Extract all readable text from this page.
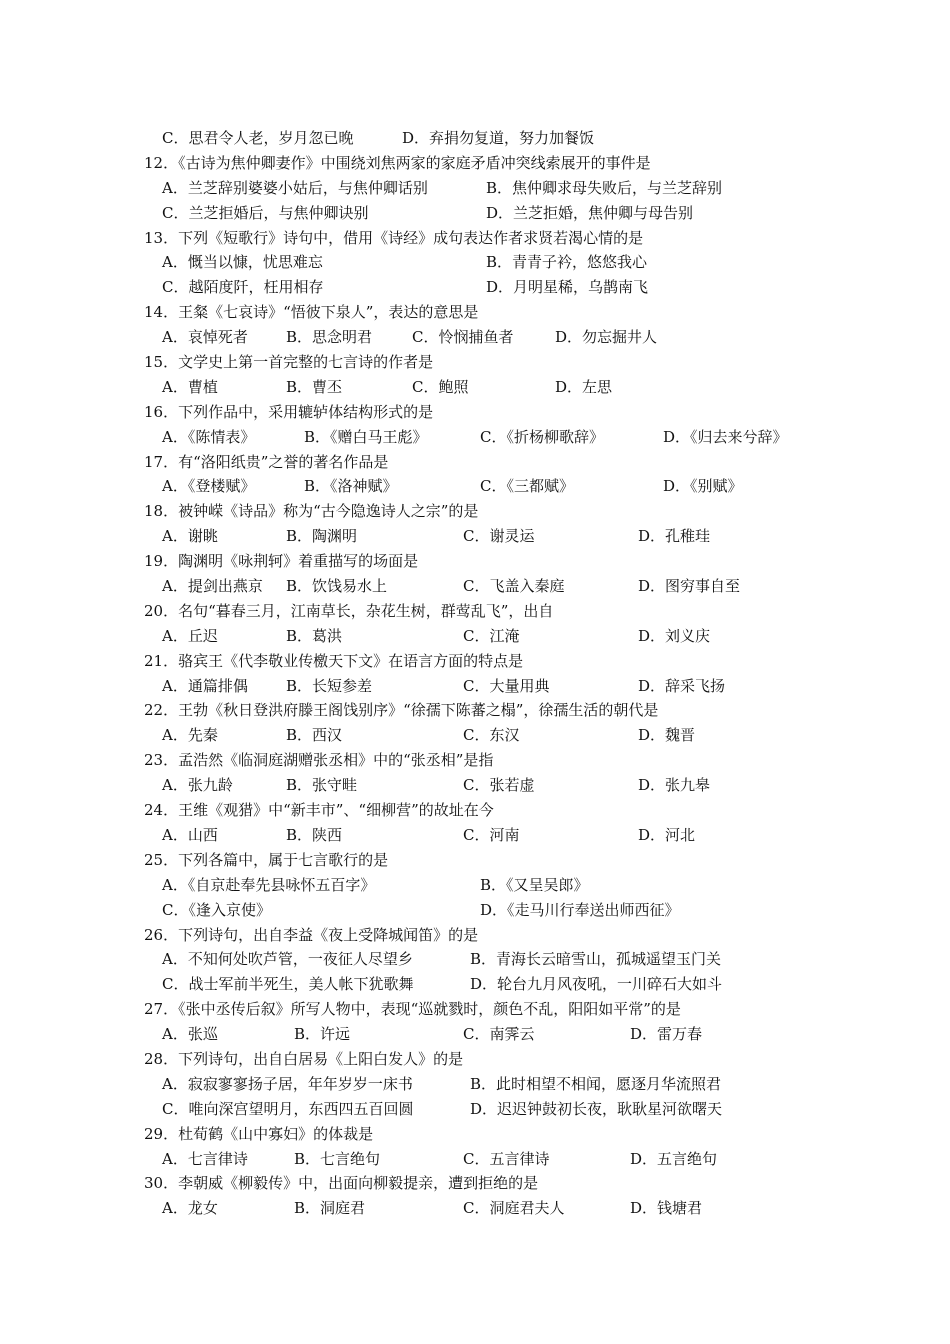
C．思君令人老，岁月忽已晚	D．弃捐勿复道，努力加餐饭
12．《古诗为焦仲卿妻作》中围绕刘焦两家的家庭矛盾冲突线索展开的事件是
A．兰芝辞别婆婆小姑后，与焦仲卿话别	B．焦仲卿求母失败后，与兰芝辞别
C．兰芝拒婚后，与焦仲卿诀别	D．兰芝拒婚，焦仲卿与母告别
13．下列《短歌行》诗句中，借用《诗经》成句表达作者求贤若渴心情的是
A．慨当以慷，忧思难忘	B．青青子衿，悠悠我心
C．越陌度阡，枉用相存	D．月明星稀，乌鹊南飞
14．王粲《七哀诗》“悟彼下泉人”，表达的意思是
A．哀悼死者	B．思念明君	C．怜悯捕鱼者	D．勿忘掘井人
15．文学史上第一首完整的七言诗的作者是
A．曹植	B．曹丕	C．鲍照	D．左思
16．下列作品中，采用辘轳体结构形式的是
A．《陈情表》	B．《赠白马王彪》	C．《折杨柳歌辞》	D．《归去来兮辞》
17．有“洛阳纸贵”之誉的著名作品是
A．《登楼赋》	B．《洛神赋》	C．《三都赋》	D．《别赋》
18．被钟嵘《诗品》称为“古今隐逸诗人之宗”的是
A．谢眺	B．陶渊明	C．谢灵运	D．孔稚珪
19．陶渊明《咏荆轲》着重描写的场面是
A．提剑出燕京 B．饮饯易水上	C．飞盖入秦庭	D．图穷事自至
20．名句“暮春三月，江南草长，杂花生树，群莺乱飞”，出自
A．丘迟	B．葛洪	C．江淹	D．刘义庆
21．骆宾王《代李敬业传檄天下文》在语言方面的特点是
A．通篇排偶	B．长短参差	C．大量用典	D．辞采飞扬
22．王勃《秋日登洪府滕王阁饯别序》“徐孺下陈蕃之榻”，徐孺生活的朝代是
A．先秦	B．西汉	C．东汉	D．魏晋
23．孟浩然《临洞庭湖赠张丞相》中的“张丞相”是指
A．张九龄	B．张守畦	C．张若虚	D．张九皋
24．王维《观猎》中“新丰市”、“细柳营”的故址在今
A．山西	B．陕西	C．河南	D．河北
25．下列各篇中，属于七言歌行的是
A．《自京赴奉先县咏怀五百字》	B．《又呈吴郎》
C．《逢入京使》	D．《走马川行奉送出师西征》
26．下列诗句，出自李益《夜上受降城闻笛》的是
A．不知何处吹芦管，一夜征人尽望乡	B．青海长云暗雪山，孤城遥望玉门关
C．战士军前半死生，美人帐下犹歌舞	D．轮台九月风夜吼，一川碎石大如斗
27．《张中丞传后叙》所写人物中，表现“巡就戮时，颜色不乱，阳阳如平常”的是
A．张巡	B．许远	C．南霁云	D．雷万春
28．下列诗句，出自白居易《上阳白发人》的是
A．寂寂寥寥扬子居，年年岁岁一床书	B．此时相望不相闻，愿逐月华流照君
C．唯向深宫望明月，东西四五百回圆	D．迟迟钟鼓初长夜，耿耿星河欲曙天
29．杜荀鹤《山中寡妇》的体裁是
A．七言律诗	B．七言绝句	C．五言律诗	D．五言绝句
30．李朝威《柳毅传》中，出面向柳毅提亲，遭到拒绝的是
A．龙女	B．洞庭君	C．洞庭君夫人	D．钱塘君
